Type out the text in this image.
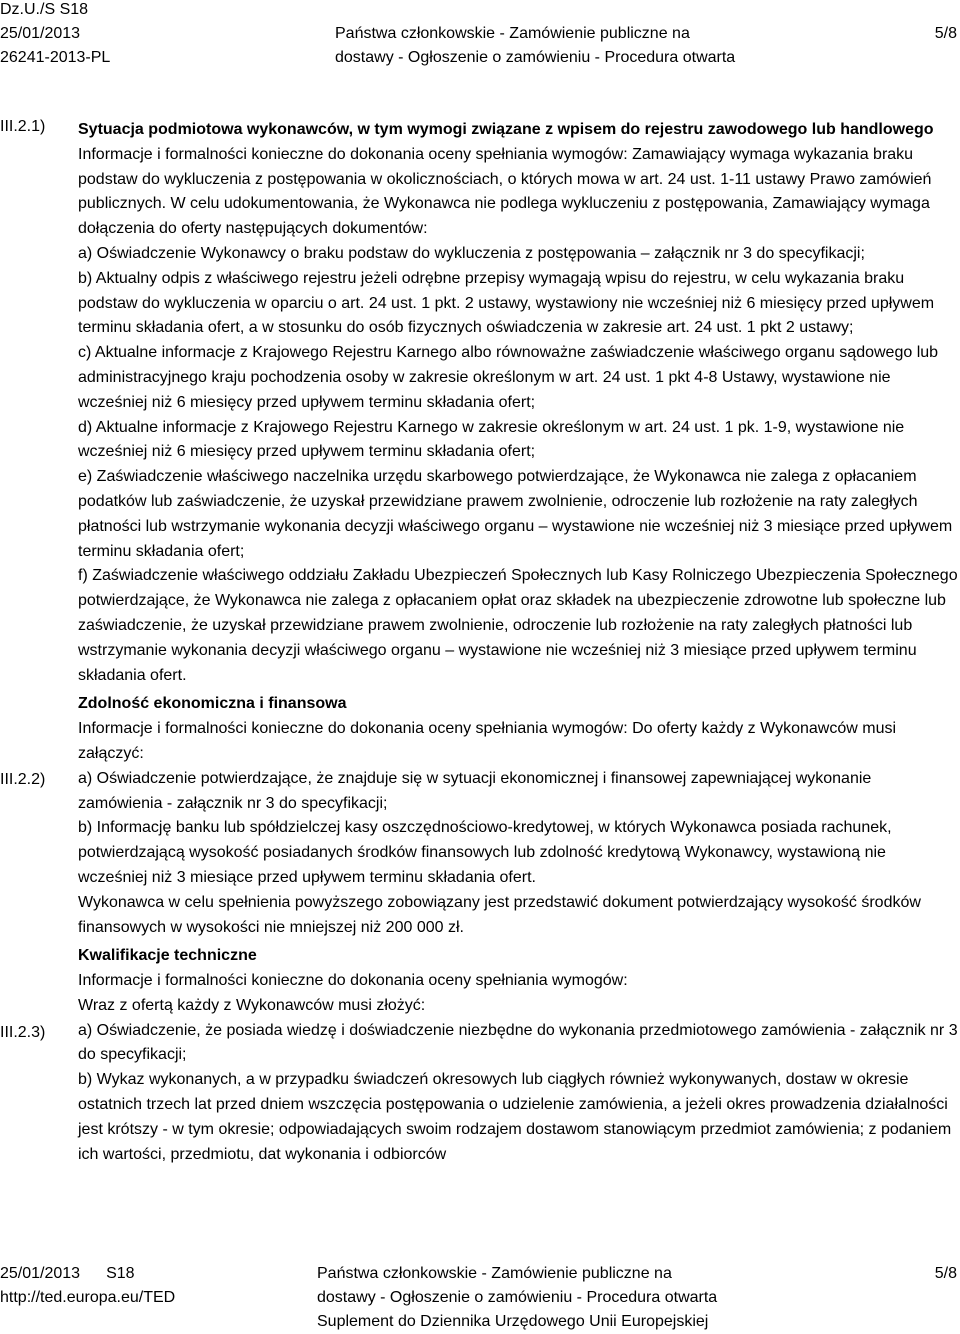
Dz.U./S S18
25/01/2013
26241-2013-PL
Państwa członkowskie - Zamówienie publiczne na
dostawy - Ogłoszenie o zamówieniu - Procedura otwarta
5/8
III.2.1)
III.2.2)
III.2.3)

Sytuacja podmiotowa wykonawców, w tym wymogi związane z wpisem do rejestru zawodowego lub handlowego

Informacje i formalności konieczne do dokonania oceny spełniania wymogów: Zamawiający wymaga wykazania braku podstaw do wykluczenia z postępowania w okolicznościach, o których mowa w art. 24 ust. 1-11 ustawy Prawo zamówień publicznych. W celu udokumentowania, że Wykonawca nie podlega wykluczeniu z postępowania, Zamawiający wymaga dołączenia do oferty następujących dokumentów:
a) Oświadczenie Wykonawcy o braku podstaw do wykluczenia z postępowania – załącznik nr 3 do specyfikacji;
b) Aktualny odpis z właściwego rejestru jeżeli odrębne przepisy wymagają wpisu do rejestru, w celu wykazania braku podstaw do wykluczenia w oparciu o art. 24 ust. 1 pkt. 2 ustawy, wystawiony nie wcześniej niż 6 miesięcy przed upływem terminu składania ofert, a w stosunku do osób fizycznych oświadczenia w zakresie art. 24 ust. 1 pkt 2 ustawy;
c) Aktualne informacje z Krajowego Rejestru Karnego albo równoważne zaświadczenie właściwego organu sądowego lub administracyjnego kraju pochodzenia osoby w zakresie określonym w art. 24 ust. 1 pkt 4-8 Ustawy, wystawione nie wcześniej niż 6 miesięcy przed upływem terminu składania ofert;
d) Aktualne informacje z Krajowego Rejestru Karnego w zakresie określonym w art. 24 ust. 1 pk. 1-9, wystawione nie wcześniej niż 6 miesięcy przed upływem terminu składania ofert;
e) Zaświadczenie właściwego naczelnika urzędu skarbowego potwierdzające, że Wykonawca nie zalega z opłacaniem podatków lub zaświadczenie, że uzyskał przewidziane prawem zwolnienie, odroczenie lub rozłożenie na raty zaległych płatności lub wstrzymanie wykonania decyzji właściwego organu – wystawione nie wcześniej niż 3 miesiące przed upływem terminu składania ofert;
f) Zaświadczenie właściwego oddziału Zakładu Ubezpieczeń Społecznych lub Kasy Rolniczego Ubezpieczenia Społecznego potwierdzające, że Wykonawca nie zalega z opłacaniem opłat oraz składek na ubezpieczenie zdrowotne lub społeczne lub zaświadczenie, że uzyskał przewidziane prawem zwolnienie, odroczenie lub rozłożenie na raty zaległych płatności lub wstrzymanie wykonania decyzji właściwego organu – wystawione nie wcześniej niż 3 miesiące przed upływem terminu składania ofert.

Zdolność ekonomiczna i finansowa

Informacje i formalności konieczne do dokonania oceny spełniania wymogów: Do oferty każdy z Wykonawców musi załączyć:
a) Oświadczenie potwierdzające, że znajduje się w sytuacji ekonomicznej i finansowej zapewniającej wykonanie zamówienia - załącznik nr 3 do specyfikacji;
b) Informację banku lub spółdzielczej kasy oszczędnościowo-kredytowej, w których Wykonawca posiada rachunek, potwierdzającą wysokość posiadanych środków finansowych lub zdolność kredytową Wykonawcy, wystawioną nie wcześniej niż 3 miesiące przed upływem terminu składania ofert.
Wykonawca w celu spełnienia powyższego zobowiązany jest przedstawić dokument potwierdzający wysokość środków finansowych w wysokości nie mniejszej niż 200 000 zł.

Kwalifikacje techniczne

Informacje i formalności konieczne do dokonania oceny spełniania wymogów:
Wraz z ofertą każdy z Wykonawców musi złożyć:
a) Oświadczenie, że posiada wiedzę i doświadczenie niezbędne do wykonania przedmiotowego zamówienia - załącznik nr 3 do specyfikacji;
b) Wykaz wykonanych, a w przypadku świadczeń okresowych lub ciągłych również wykonywanych, dostaw w okresie ostatnich trzech lat przed dniem wszczęcia postępowania o udzielenie zamówienia, a jeżeli okres prowadzenia działalności jest krótszy - w tym okresie; odpowiadających swoim rodzajem dostawom stanowiącym przedmiot zamówienia; z podaniem ich wartości, przedmiotu, dat wykonania i odbiorców

25/01/2013 S18
http://ted.europa.eu/TED
Państwa członkowskie - Zamówienie publiczne na
dostawy - Ogłoszenie o zamówieniu - Procedura otwarta
Suplement do Dziennika Urzędowego Unii Europejskiej
5/8
